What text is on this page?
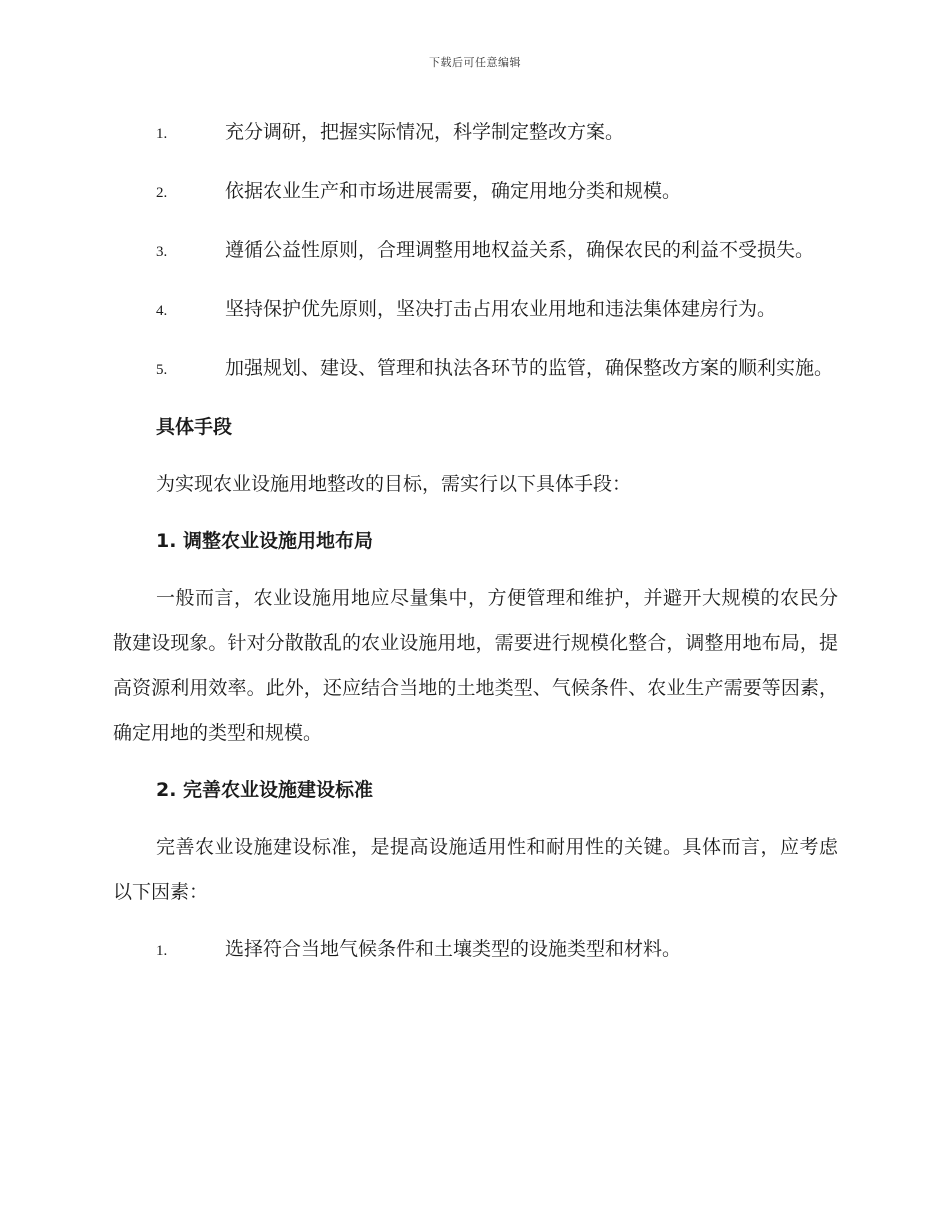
下载后可任意编辑
1.	充分调研，把握实际情况，科学制定整改方案。
2.	依据农业生产和市场进展需要，确定用地分类和规模。
3.	遵循公益性原则，合理调整用地权益关系，确保农民的利益不受损失。
4.	坚持保护优先原则，坚决打击占用农业用地和违法集体建房行为。
5.	加强规划、建设、管理和执法各环节的监管，确保整改方案的顺利实施。
具体手段

为实现农业设施用地整改的目标，需实行以下具体手段：

1. 调整农业设施用地布局

一般而言，农业设施用地应尽量集中，方便管理和维护，并避开大规模的农民分散建设现象。针对分散散乱的农业设施用地，需要进行规模化整合，调整用地布局，提高资源利用效率。此外，还应结合当地的土地类型、气候条件、农业生产需要等因素，确定用地的类型和规模。

2. 完善农业设施建设标准

完善农业设施建设标准，是提高设施适用性和耐用性的关键。具体而言，应考虑以下因素：

1.	选择符合当地气候条件和土壤类型的设施类型和材料。
